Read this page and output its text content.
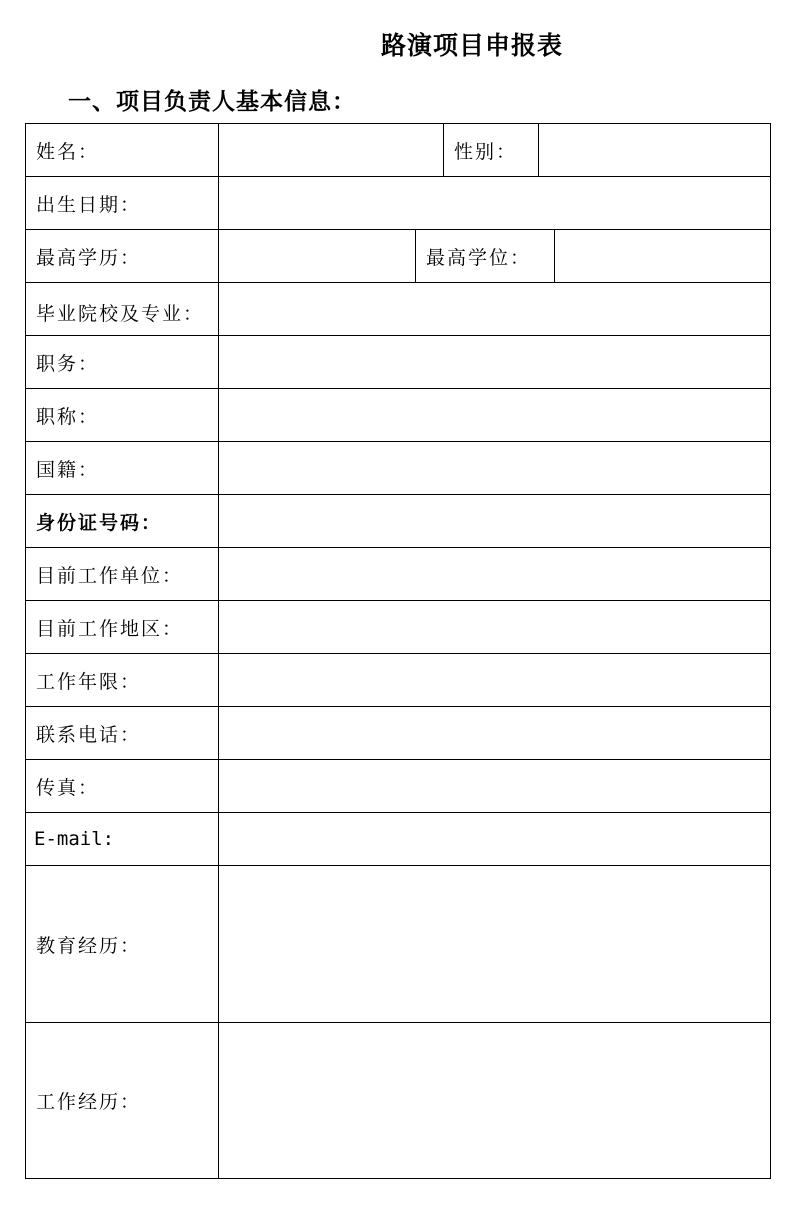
路演项目申报表
一、项目负责人基本信息：
姓名：	性别：
出生日期：
最高学历：	最高学位：
毕业院校及专业：
职务：
职称：
国籍：
身份证号码：
目前工作单位：
目前工作地区：
工作年限：
联系电话：
传真：
E-mail:
教育经历：
工作经历：
